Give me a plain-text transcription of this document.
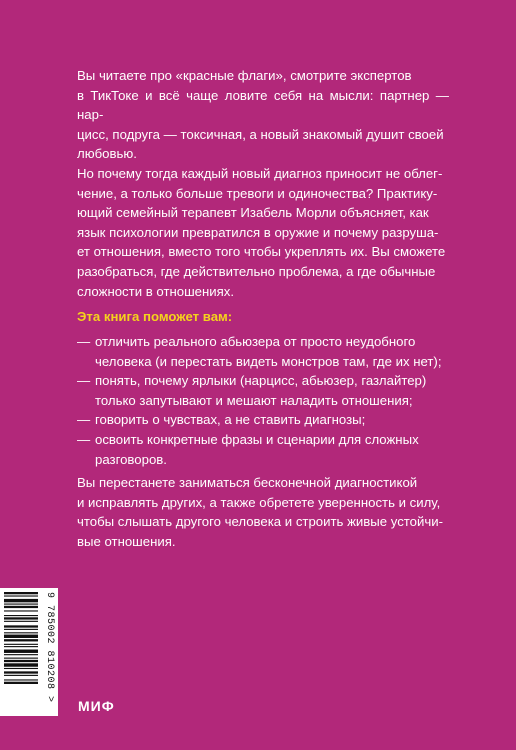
Вы читаете про «красные флаги», смотрите экспертов
в ТикТоке и всё чаще ловите себя на мысли: партнер — нар-
цисс, подруга — токсичная, а новый знакомый душит своей
любовью.

Но почему тогда каждый новый диагноз приносит не облег-
чение, а только больше тревоги и одиночества? Практику-
ющий семейный терапевт Изабель Морли объясняет, как
язык психологии превратился в оружие и почему разруша-
ет отношения, вместо того чтобы укреплять их. Вы сможете
разобраться, где действительно проблема, а где обычные
сложности в отношениях.

Эта книга поможет вам:

— отличить реального абьюзера от просто неудобного
человека (и перестать видеть монстров там, где их нет);
— понять, почему ярлыки (нарцисс, абьюзер, газлайтер)
только запутывают и мешают наладить отношения;
— говорить о чувствах, а не ставить диагнозы;
— освоить конкретные фразы и сценарии для сложных
разговоров.

Вы перестанете заниматься бесконечной диагностикой
и исправлять других, а также обретете уверенность и силу,
чтобы слышать другого человека и строить живые устойчи-
вые отношения.

9 785002 810208 >
МИФ
